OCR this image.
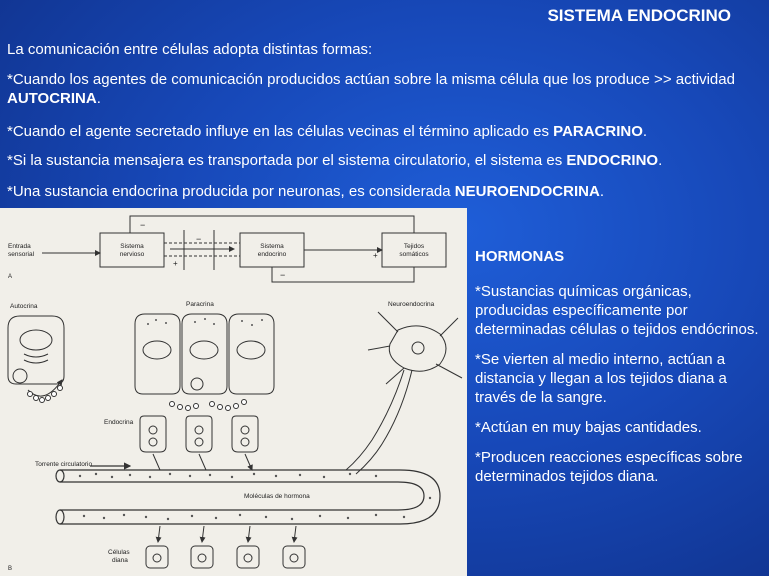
SISTEMA ENDOCRINO
La comunicación entre células adopta distintas formas:
*Cuando los agentes de comunicación producidos actúan sobre la misma célula que los produce >> actividad AUTOCRINA.
*Cuando el agente secretado influye en las células vecinas el término aplicado es PARACRINO.
*Si la sustancia mensajera es transportada por el sistema circulatorio, el sistema es ENDOCRINO.
*Una sustancia endocrina producida por neuronas, es considerada NEUROENDOCRINA.
Entrada
sensorial
Sistema
nervioso
Sistema
endocrino
Tejidos
somáticos
−
−
−
+
+
A
Autocrina	Paracrina	Neuroendocrina
Endocrina
Torrente circulatorio
Moléculas de hormona
Células
diana
B
HORMONAS
*Sustancias químicas orgánicas, producidas específicamente por determinadas células o tejidos endócrinos.
*Se vierten al medio interno, actúan a distancia y llegan a los tejidos diana a través de la sangre.
*Actúan en muy bajas cantidades.
*Producen reacciones específicas sobre determinados tejidos diana.
